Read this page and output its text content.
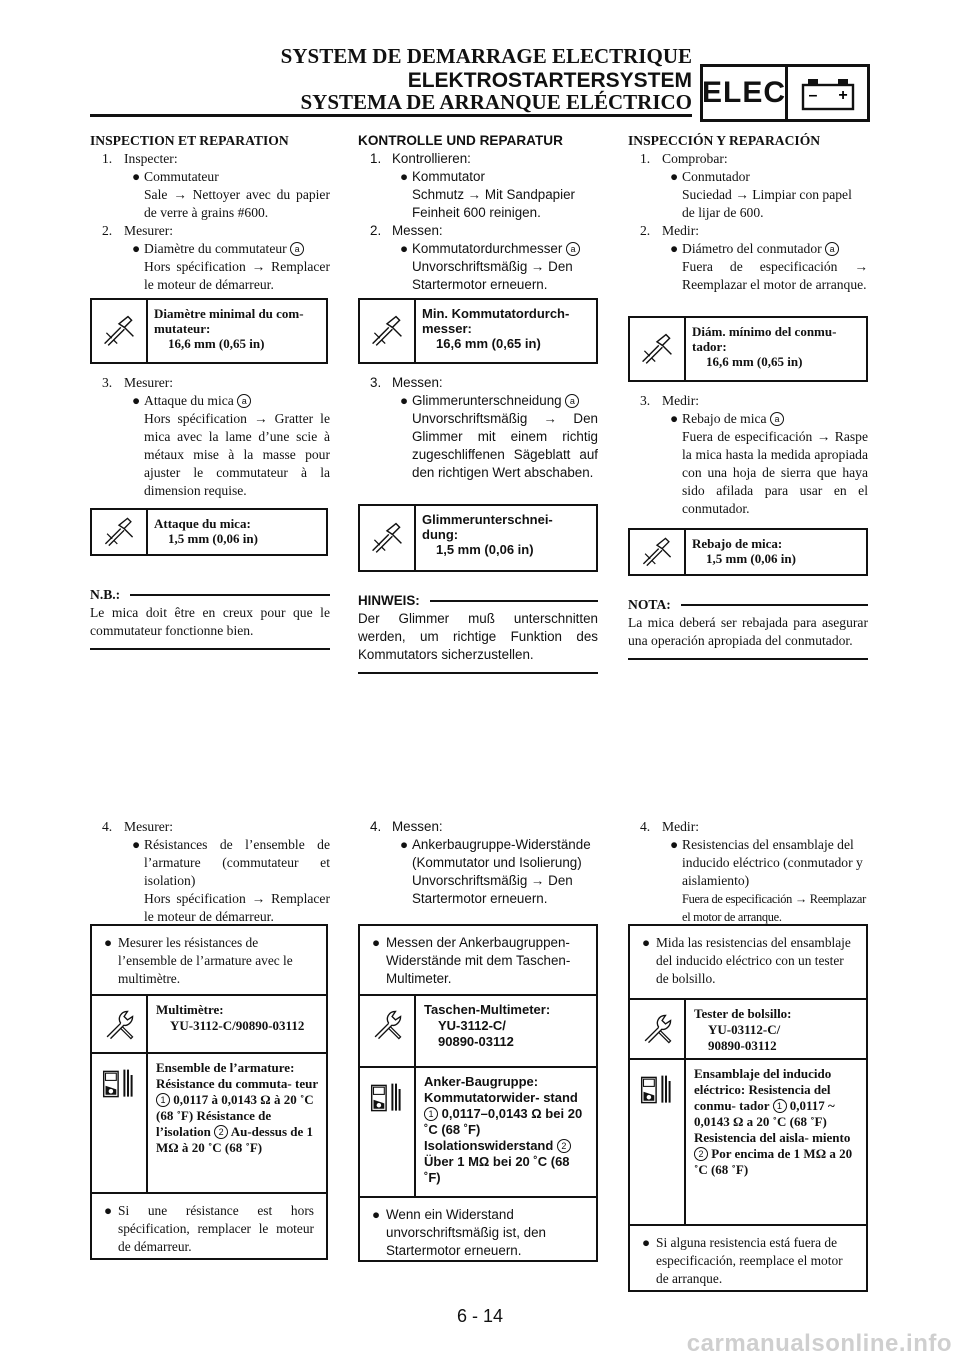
SYSTEM DE DEMARRAGE ELECTRIQUE
ELEKTROSTARTERSYSTEM
SYSTEMA DE ARRANQUE ELÉCTRICO ELEC – +
INSPECTION ET REPARATION
1. Inspecter:
● Commutateur
Sale → Nettoyer avec du papier de verre à grains #600.
2. Mesurer:
● Diamètre du commutateur a
Hors spécification → Remplacer le moteur de démarreur.
Diamètre minimal du com-
mutateur:
16,6 mm (0,65 in)
3. Mesurer:
● Attaque du mica a
Hors spécification → Gratter le mica avec la lame d’une scie à métaux mise à la masse pour ajuster le commutateur à la dimension requise.
Attaque du mica:
1,5 mm (0,06 in)
N.B.:
Le mica doit être en creux pour que le commutateur fonctionne bien.
KONTROLLE UND REPARATUR
1. Kontrollieren:
● Kommutator
Schmutz → Mit Sandpapier Feinheit 600 reinigen.
2. Messen:
● Kommutatordurchmesser a
Unvorschriftsmäßig → Den Startermotor erneuern.
Min. Kommutatordurch-
messer:
16,6 mm (0,65 in)
3. Messen:
● Glimmerunterschneidung a
Unvorschriftsmäßig → Den Glimmer mit einem richtig zugeschliffenen Sägeblatt auf den richtigen Wert abschaben.
Glimmerunterschnei-
dung:
1,5 mm (0,06 in)
HINWEIS:
Der Glimmer muß unterschnitten werden, um richtige Funktion des Kommutators sicherzustellen.
INSPECCIÓN Y REPARACIÓN
1. Comprobar:
● Conmutador
Suciedad → Limpiar con papel de lijar de 600.
2. Medir:
● Diámetro del conmutador a
Fuera de especificación → Reemplazar el motor de arranque.
Diám. mínimo del conmu-
tador:
16,6 mm (0,65 in)
3. Medir:
● Rebajo de mica a
Fuera de especificación → Raspe la mica hasta la medida apropiada con una hoja de sierra que haya sido afilada para usar en el conmutador.
Rebajo de mica:
1,5 mm (0,06 in)
NOTA:
La mica deberá ser rebajada para asegurar una operación apropiada del conmutador.
4. Mesurer:
● Résistances de l’ensemble de l’armature (commutateur et isolation)
Hors spécification → Remplacer le moteur de démarreur.
4. Messen:
● Ankerbaugruppe-Widerständе (Kommutator und Isolierung)
Unvorschriftsmäßig → Den Startermotor erneuern.
4. Medir:
● Resistencias del ensamblaje del inducido eléctrico (conmutador y aislamiento)
Fuera de especificación → Reemplazar el motor de arranque.
● Mesurer les résistances de l’ensemble de l’armature avec le multimètre.
Multimètre:
YU-3112-C/90890-03112
Ensemble de l’armature: Résistance du commuta- teur 1 0,0117 à 0,0143 Ω à 20 ˚C (68 ˚F) Résistance de l’isolation 2 Au-dessus de 1 MΩ à 20 ˚C (68 ˚F)
● Si une résistance est hors spécification, remplacer le moteur de démarreur.
● Messen der Ankerbaugruppen-Widerstände mit dem Taschen-Multimeter.
Taschen-Multimeter:
YU-3112-C/
90890-03112
Anker-Baugruppe: Kommutatorwider- stand 1 0,0117–0,0143 Ω bei 20 ˚C (68 ˚F) Isolationswiderstand 2 Über 1 MΩ bei 20 ˚C (68 ˚F)
● Wenn ein Widerstand unvorschriftsmäßig ist, den Startermotor erneuern.
● Mida las resistencias del ensamblaje del inducido eléctrico con un tester de bolsillo.
Tester de bolsillo:
YU-03112-C/
90890-03112
Ensamblaje del inducido eléctrico: Resistencia del conmu- tador 1 0,0117 ~ 0,0143 Ω a 20 ˚C (68 ˚F) Resistencia del aisla- miento 2 Por encima de 1 MΩ a 20 ˚C (68 ˚F)
● Si alguna resistencia está fuera de especificación, reemplace el motor de arranque.
6 - 14
carmanualsonline.info
